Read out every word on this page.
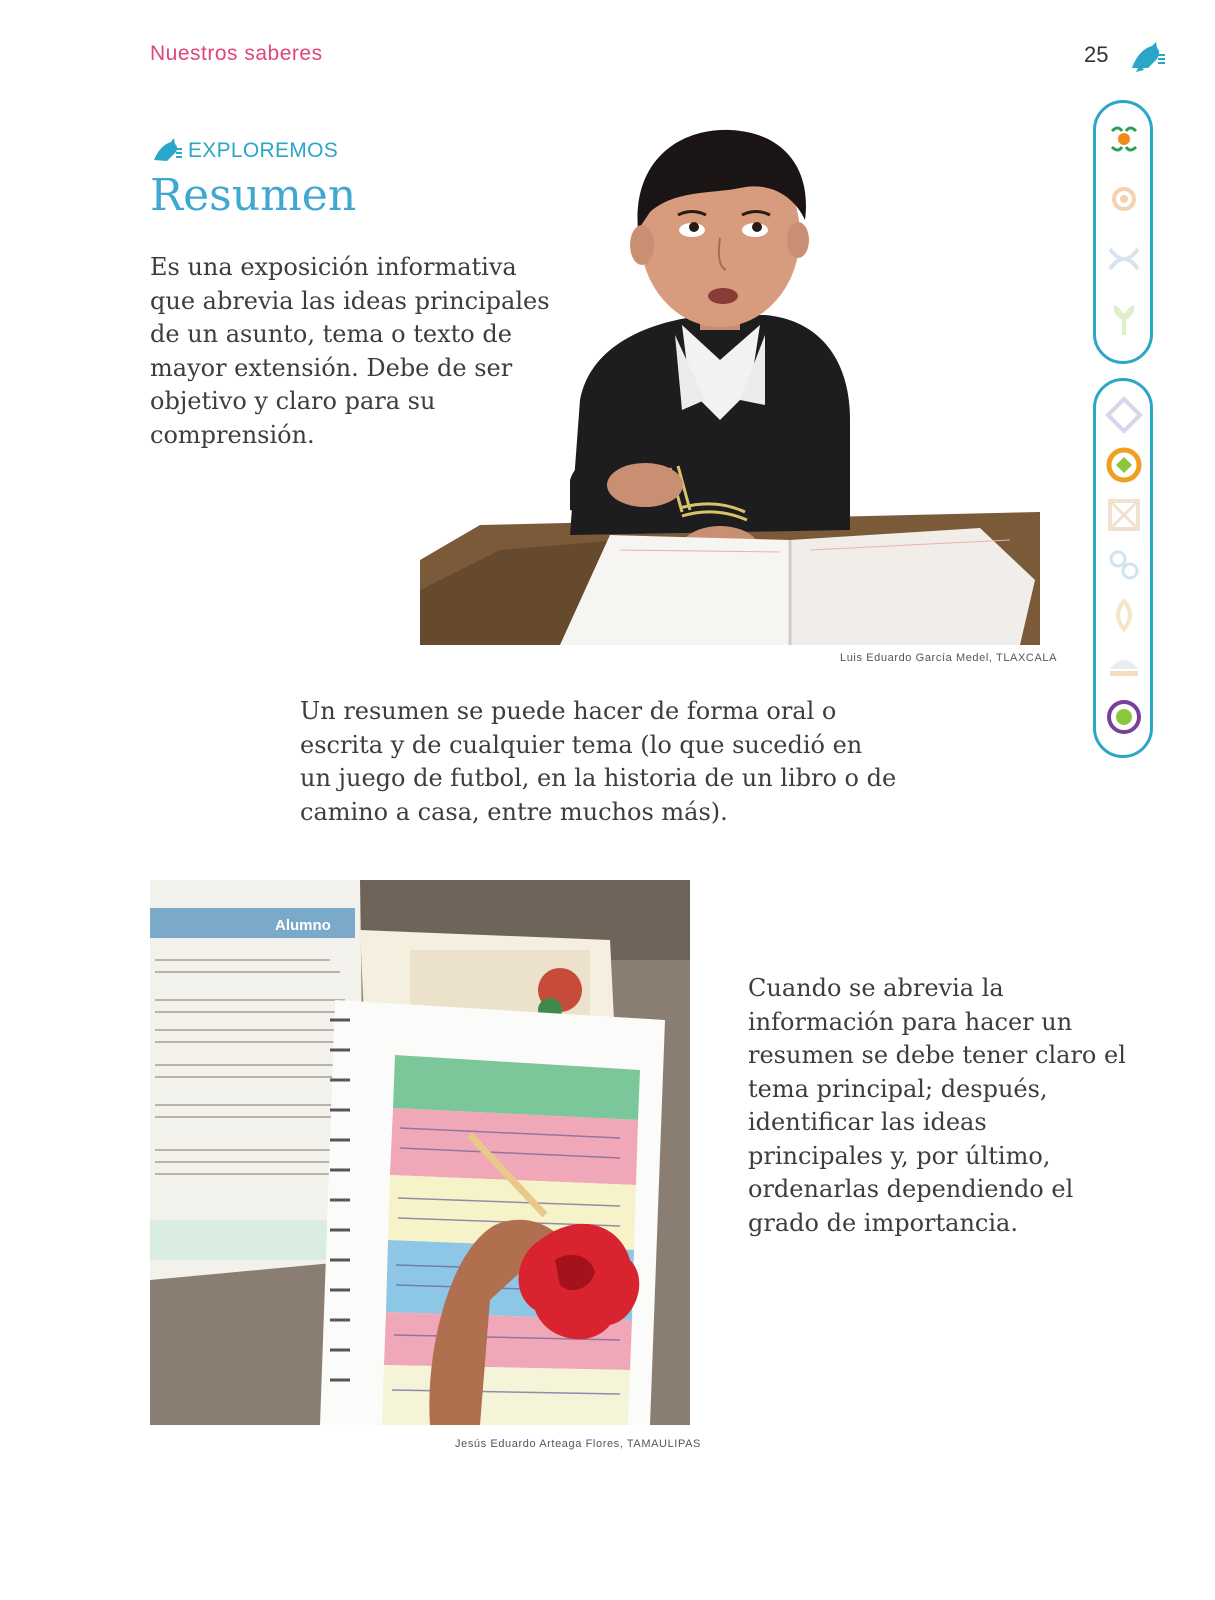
Nuestros saberes	25
EXPLOREMOS
Resumen

Es una exposición informativa que abrevia las ideas principales de un asunto, tema o texto de mayor extensión. Debe de ser objetivo y claro para su comprensión.

Luis Eduardo García Medel, TLAXCALA

Un resumen se puede hacer de forma oral o escrita y de cualquier tema (lo que sucedió en un juego de futbol, en la historia de un libro o de camino a casa, entre muchos más).

Alumno
Jesús Eduardo Arteaga Flores, TAMAULIPAS

Cuando se abrevia la información para hacer un resumen se debe tener claro el tema principal; después, identificar las ideas principales y, por último, ordenarlas dependiendo el grado de importancia.
